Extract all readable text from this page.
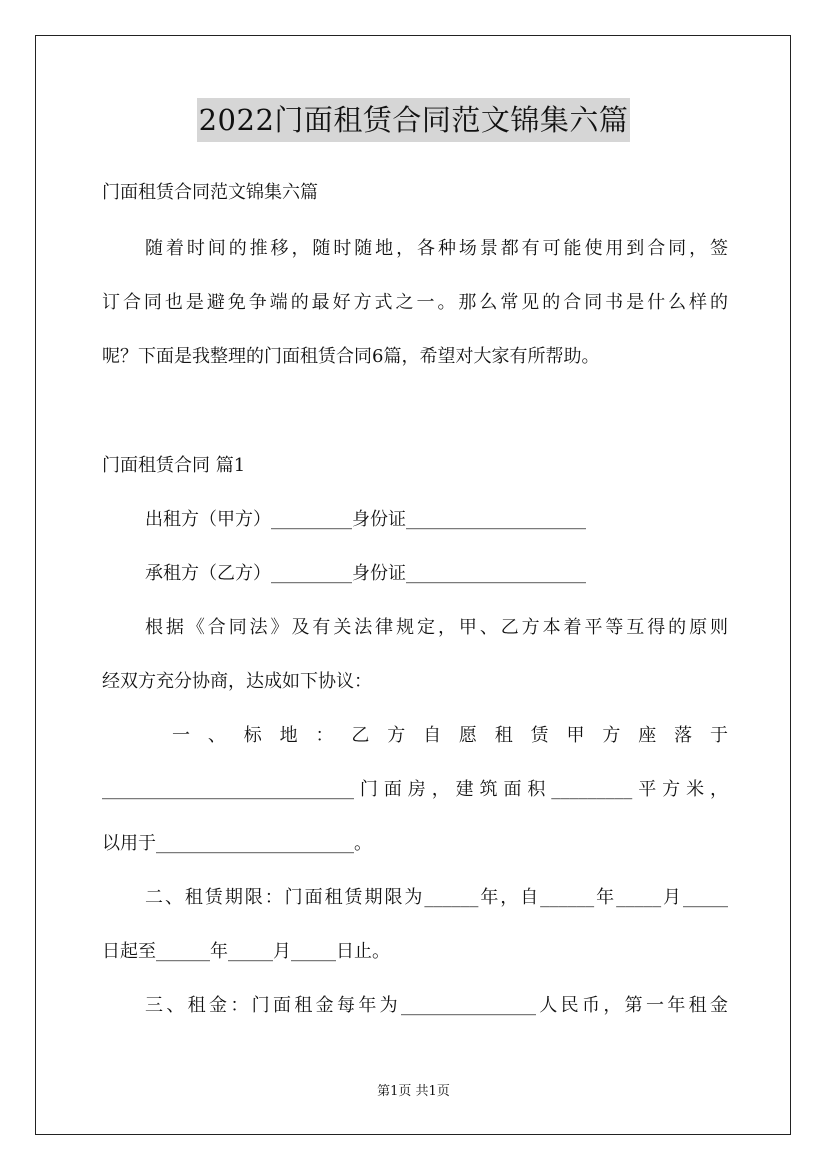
2022门面租赁合同范文锦集六篇
门面租赁合同范文锦集六篇
随着时间的推移，随时随地，各种场景都有可能使用到合同，签
订合同也是避免争端的最好方式之一。那么常见的合同书是什么样的
呢？下面是我整理的门面租赁合同6篇，希望对大家有所帮助。
门面租赁合同 篇1
出租方（甲方）_________身份证____________________
承租方（乙方）_________身份证____________________
根据《合同法》及有关法律规定，甲、乙方本着平等互得的原则
经双方充分协商，达成如下协议：
一 、 标 地 ： 乙 方 自 愿 租 赁 甲 方 座 落 于
____________________________门面房，建筑面积_________平方米，
以用于______________________。
二、租赁期限：门面租赁期限为______年，自______年_____月_____
日起至______年_____月_____日止。
三、租金：门面租金每年为_______________人民币，第一年租金
第1页 共1页
